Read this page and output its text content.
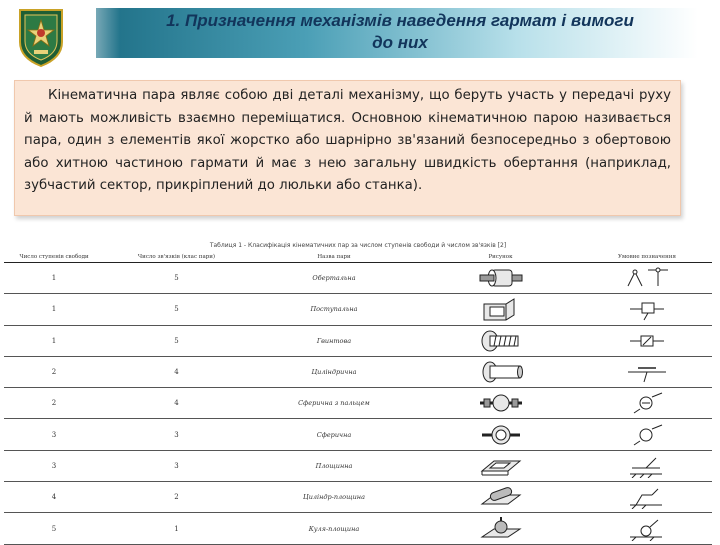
1. Призначення механізмів наведення гармат і вимоги
до них
Кінематична пара являє собою дві деталі механізму, що беруть участь у передачі руху й мають можливість взаємно переміщатися. Основною кінематичною парою називається пара, один з елементів якої жорстко або шарнірно зв'язаний безпосередньо з обертовою або хитною частиною гармати й має з нею загальну швидкість обертання (наприклад, зубчастий сектор, прикріплений до люльки або станка).
Таблиця 1 - Класифікація кінематичних пар за числом ступенів свободи й числом зв'язків [2]
Число ступенів свободи	Число зв'язків (клас пари)	Назва пари	Рисунок	Умовне позначення
1	5	Обертальна	

1	5	Поступальна	

1	5	Гвинтова	

2	4	Циліндрична	

2	4	Сферична з пальцем	

3	3	Сферична	

3	3	Площинна	

4	2	Циліндр-площина	

5	1	Куля-площина	
